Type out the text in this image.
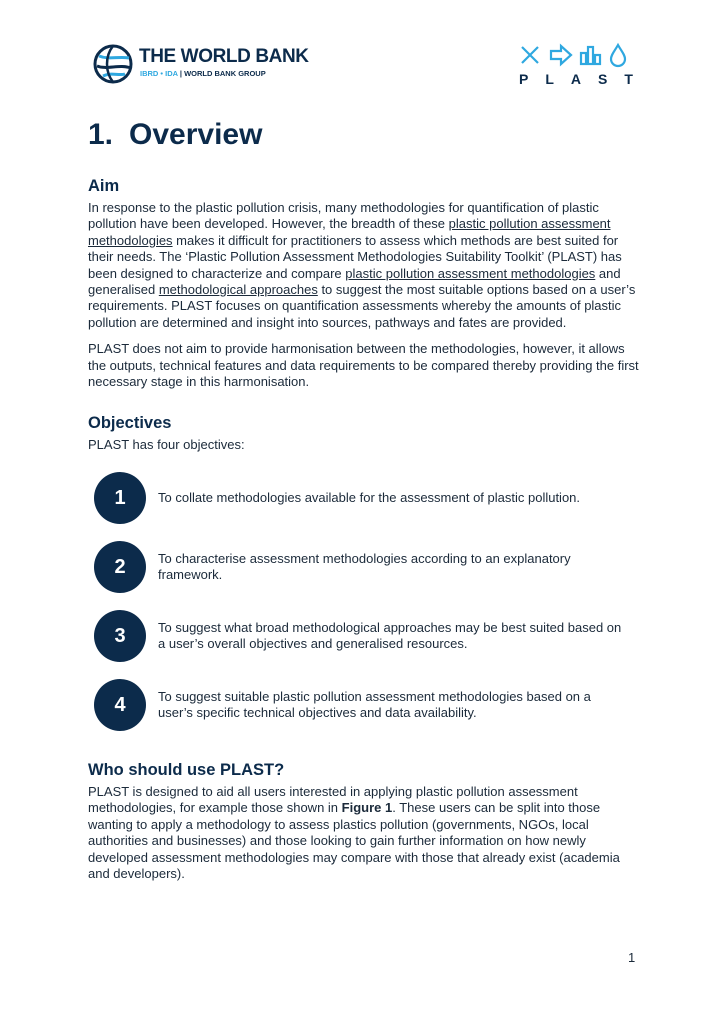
THE WORLD BANK
IBRD • IDA | WORLD BANK GROUP	PLAST
1. Overview
Aim

In response to the plastic pollution crisis, many methodologies for quantification of plastic pollution have been developed. However, the breadth of these plastic pollution assessment methodologies makes it difficult for practitioners to assess which methods are best suited for their needs. The ‘Plastic Pollution Assessment Methodologies Suitability Toolkit’ (PLAST) has been designed to characterize and compare plastic pollution assessment methodologies and generalised methodological approaches to suggest the most suitable options based on a user’s requirements. PLAST focuses on quantification assessments whereby the amounts of plastic pollution are determined and insight into sources, pathways and fates are provided.

PLAST does not aim to provide harmonisation between the methodologies, however, it allows the outputs, technical features and data requirements to be compared thereby providing the first necessary stage in this harmonisation.

Objectives
PLAST has four objectives:
1	To collate methodologies available for the assessment of plastic pollution.
2	To characterise assessment methodologies according to an explanatory framework.
3	To suggest what broad methodological approaches may be best suited based on a user’s overall objectives and generalised resources.
4	To suggest suitable plastic pollution assessment methodologies based on a user’s specific technical objectives and data availability.
Who should use PLAST?
PLAST is designed to aid all users interested in applying plastic pollution assessment methodologies, for example those shown in Figure 1. These users can be split into those wanting to apply a methodology to assess plastics pollution (governments, NGOs, local authorities and businesses) and those looking to gain further information on how newly developed assessment methodologies may compare with those that already exist (academia and developers).
1
